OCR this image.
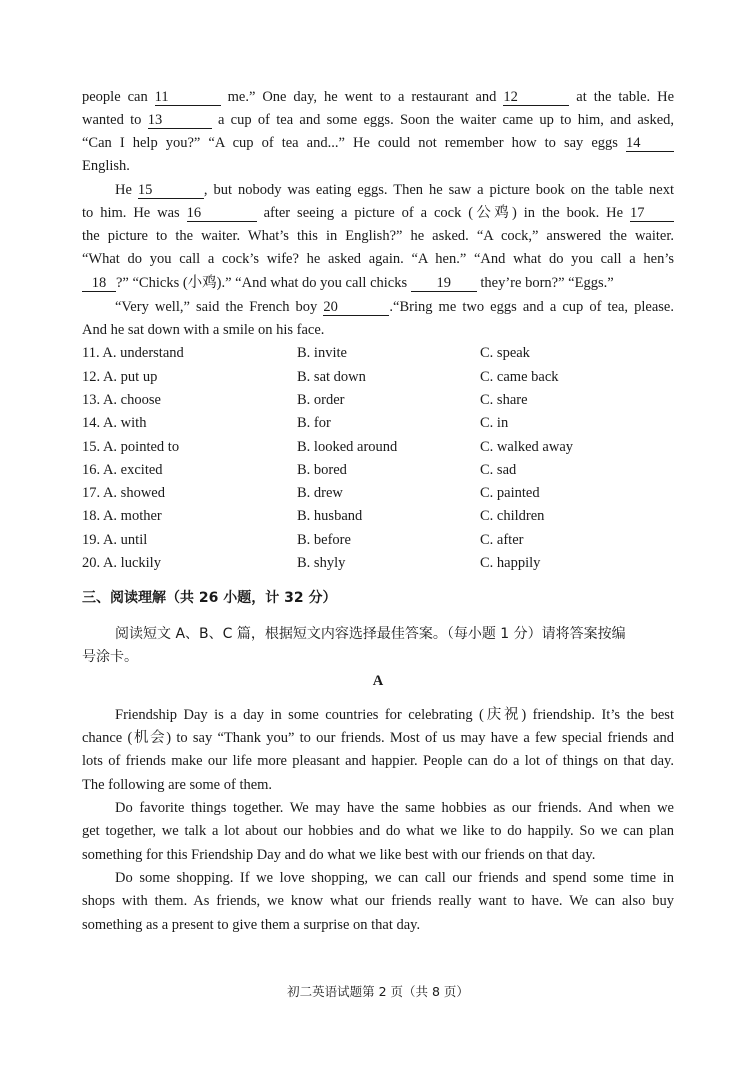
people can 11	me.” One day, he went to a restaurant and 12	at the table. He
wanted to 13	a cup of tea and some eggs. Soon the waiter came up to him, and asked,
“Can I help you?” “A cup of tea and...” He could not remember how to say eggs 14
English.
He 15	, but nobody was eating eggs. Then he saw a picture book on the table next
to him. He was 16	after seeing a picture of a cock (公鸡) in the book. He 17
the picture to the waiter. What’s this in English?” he asked. “A cock,” answered the waiter.
“What do you call a cock’s wife? he asked again. “A hen.” “And what do you call a hen’s
18 ?” “Chicks (小鸡).” “And what do you call chicks 19 they’re born?” “Eggs.”
“Very well,” said the French boy 20	.“Bring me two eggs and a cup of tea, please.
And he sat down with a smile on his face.
11. A. understand	B. invite	C. speak
12. A. put up	B. sat down	C. came back
13. A. choose	B. order	C. share
14. A. with	B. for	C. in
15. A. pointed to	B. looked around	C. walked away
16. A. excited	B. bored	C. sad
17. A. showed	B. drew	C. painted
18. A. mother	B. husband	C. children
19. A. until	B. before	C. after
20. A. luckily	B. shyly	C. happily
三、阅读理解（共 26 小题，计 32 分）
阅读短文 A、B、C 篇，根据短文内容选择最佳答案。（每小题 1 分）请将答案按编
号涂卡。
A
Friendship Day is a day in some countries for celebrating (庆祝) friendship. It’s the best
chance (机会) to say “Thank you” to our friends. Most of us may have a few special friends and
lots of friends make our life more pleasant and happier. People can do a lot of things on that day.
The following are some of them.
Do favorite things together. We may have the same hobbies as our friends. And when we
get together, we talk a lot about our hobbies and do what we like to do happily. So we can plan
something for this Friendship Day and do what we like best with our friends on that day.
Do some shopping. If we love shopping, we can call our friends and spend some time in
shops with them. As friends, we know what our friends really want to have. We can also buy
something as a present to give them a surprise on that day.
初二英语试题第 2 页（共 8 页）
